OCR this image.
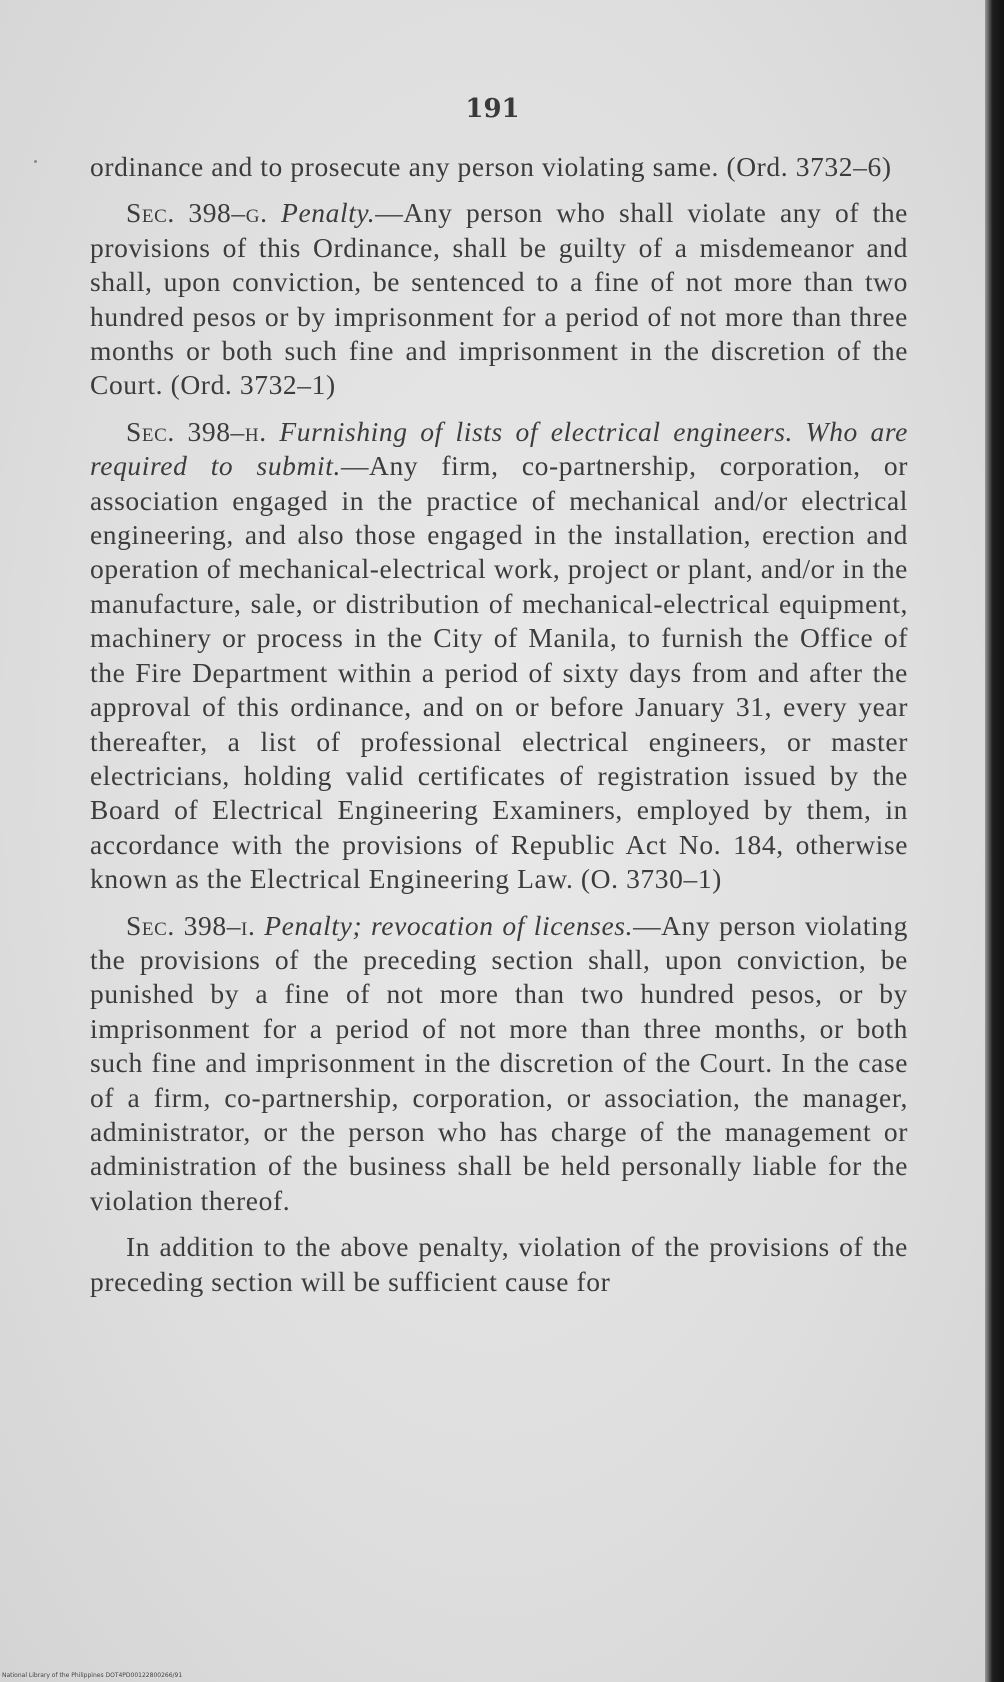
191

ordinance and to prosecute any person violating same. (Ord. 3732–6)

Sec. 398–g. Penalty.—Any person who shall violate any of the provisions of this Ordinance, shall be guilty of a misdemeanor and shall, upon conviction, be sentenced to a fine of not more than two hundred pesos or by imprisonment for a period of not more than three months or both such fine and imprisonment in the discretion of the Court. (Ord. 3732–1)

Sec. 398–h. Furnishing of lists of electrical engineers. Who are required to submit.—Any firm, co-partnership, corporation, or association engaged in the practice of mechanical and/or electrical engineering, and also those engaged in the installation, erection and operation of mechanical-electrical work, project or plant, and/or in the manufacture, sale, or distribution of mechanical-electrical equipment, machinery or process in the City of Manila, to furnish the Office of the Fire Department within a period of sixty days from and after the approval of this ordinance, and on or before January 31, every year thereafter, a list of professional electrical engineers, or master electricians, holding valid certificates of registration issued by the Board of Electrical Engineering Examiners, employed by them, in accordance with the provisions of Republic Act No. 184, otherwise known as the Electrical Engineering Law. (O. 3730–1)

Sec. 398–i. Penalty; revocation of licenses.—Any person violating the provisions of the preceding section shall, upon conviction, be punished by a fine of not more than two hundred pesos, or by imprisonment for a period of not more than three months, or both such fine and imprisonment in the discretion of the Court. In the case of a firm, co-partnership, corporation, or association, the manager, administrator, or the person who has charge of the management or administration of the business shall be held personally liable for the violation thereof.

In addition to the above penalty, violation of the provisions of the preceding section will be sufficient cause for

National Library of the Philippines DOT4PD00122800266/91
